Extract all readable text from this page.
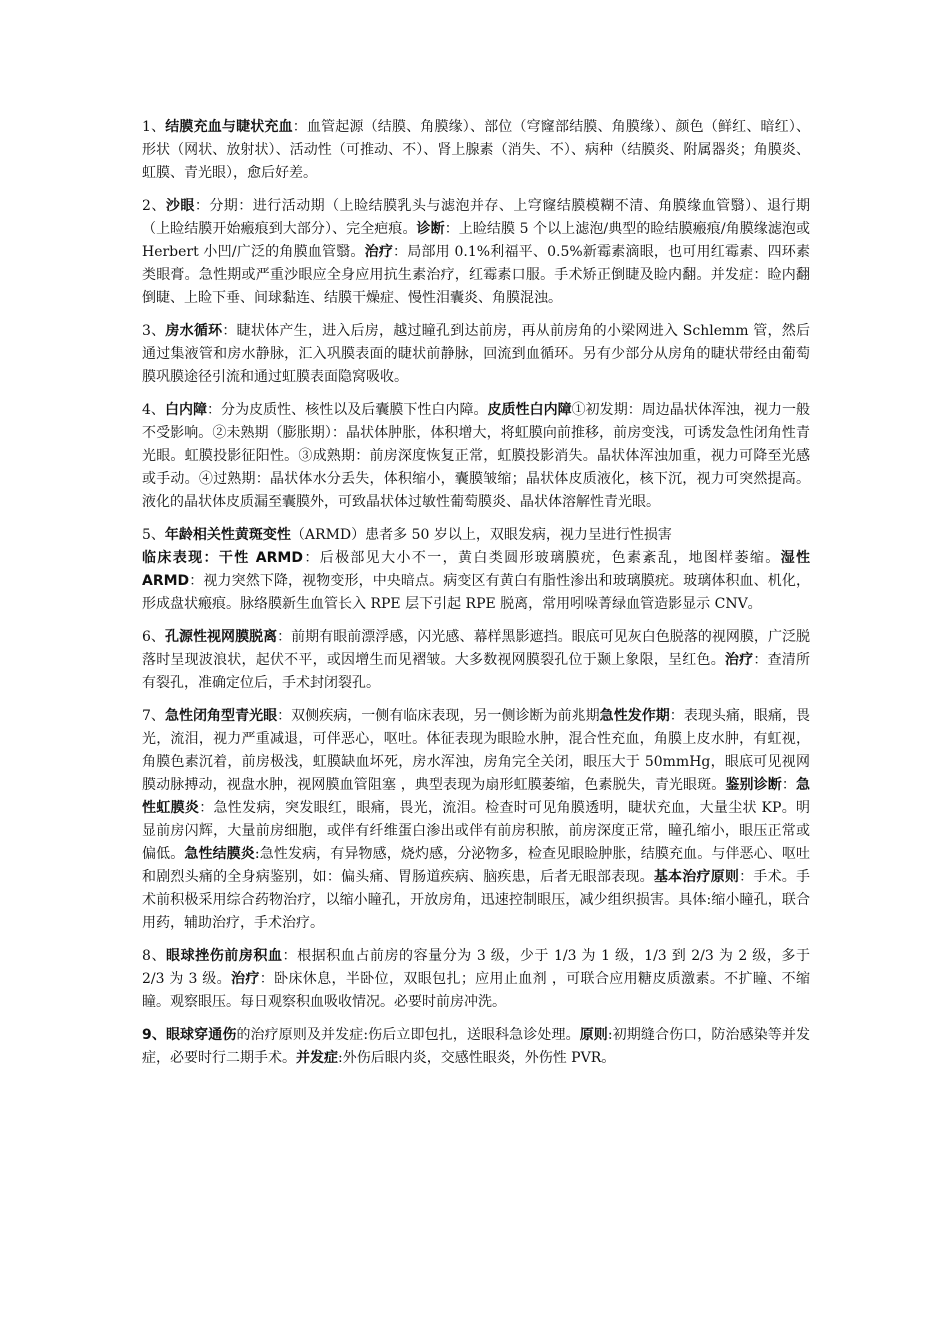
1、结膜充血与睫状充血：血管起源（结膜、角膜缘）、部位（穹窿部结膜、角膜缘）、颜色（鲜红、暗红）、形状（网状、放射状）、活动性（可推动、不）、肾上腺素（消失、不）、病种（结膜炎、附属器炎；角膜炎、虹膜、青光眼），愈后好差。

2、沙眼：分期：进行活动期（上睑结膜乳头与滤泡并存、上穹窿结膜模糊不清、角膜缘血管翳）、退行期（上睑结膜开始瘢痕到大部分）、完全疤痕。诊断：上睑结膜 5 个以上滤泡/典型的睑结膜瘢痕/角膜缘滤泡或 Herbert 小凹/广泛的角膜血管翳。治疗：局部用 0.1%利福平、0.5%新霉素滴眼，也可用红霉素、四环素类眼膏。急性期或严重沙眼应全身应用抗生素治疗，红霉素口服。手术矫正倒睫及睑内翻。并发症：睑内翻倒睫、上睑下垂、间球黏连、结膜干燥症、慢性泪囊炎、角膜混浊。

3、房水循环：睫状体产生，进入后房，越过瞳孔到达前房，再从前房角的小梁网进入 Schlemm 管，然后通过集液管和房水静脉，汇入巩膜表面的睫状前静脉，回流到血循环。另有少部分从房角的睫状带经由葡萄膜巩膜途径引流和通过虹膜表面隐窝吸收。

4、白内障：分为皮质性、核性以及后囊膜下性白内障。皮质性白内障①初发期：周边晶状体浑浊，视力一般不受影响。②未熟期（膨胀期）：晶状体肿胀，体积增大，将虹膜向前推移，前房变浅，可诱发急性闭角性青光眼。虹膜投影征阳性。③成熟期：前房深度恢复正常，虹膜投影消失。晶状体浑浊加重，视力可降至光感或手动。④过熟期：晶状体水分丢失，体积缩小，囊膜皱缩；晶状体皮质液化，核下沉，视力可突然提高。液化的晶状体皮质漏至囊膜外，可致晶状体过敏性葡萄膜炎、晶状体溶解性青光眼。

5、年龄相关性黄斑变性（ARMD）患者多 50 岁以上，双眼发病，视力呈进行性损害
临床表现：干性 ARMD：后极部见大小不一，黄白类圆形玻璃膜疣，色素紊乱，地图样萎缩。湿性 ARMD：视力突然下降，视物变形，中央暗点。病变区有黄白有脂性渗出和玻璃膜疣。玻璃体积血、机化，形成盘状瘢痕。脉络膜新生血管长入 RPE 层下引起 RPE 脱离，常用吲哚菁绿血管造影显示 CNV。

6、孔源性视网膜脱离：前期有眼前漂浮感，闪光感、幕样黑影遮挡。眼底可见灰白色脱落的视网膜，广泛脱落时呈现波浪状，起伏不平，或因增生而见褶皱。大多数视网膜裂孔位于颞上象限，呈红色。治疗：查清所有裂孔，准确定位后，手术封闭裂孔。

7、急性闭角型青光眼：双侧疾病，一侧有临床表现，另一侧诊断为前兆期急性发作期：表现头痛，眼痛，畏光，流泪，视力严重减退，可伴恶心，呕吐。体征表现为眼睑水肿，混合性充血，角膜上皮水肿，有虹视，角膜色素沉着，前房极浅，虹膜缺血坏死，房水浑浊，房角完全关闭，眼压大于 50mmHg，眼底可见视网膜动脉搏动，视盘水肿，视网膜血管阻塞 ，典型表现为扇形虹膜萎缩，色素脱失，青光眼斑。鉴别诊断：急性虹膜炎：急性发病，突发眼红，眼痛，畏光，流泪。检查时可见角膜透明，睫状充血，大量尘状 KP。明显前房闪辉，大量前房细胞，或伴有纤维蛋白渗出或伴有前房积脓，前房深度正常，瞳孔缩小，眼压正常或偏低。急性结膜炎:急性发病，有异物感，烧灼感，分泌物多，检查见眼睑肿胀，结膜充血。与伴恶心、呕吐和剧烈头痛的全身病鉴别，如：偏头痛、胃肠道疾病、脑疾患，后者无眼部表现。基本治疗原则：手术。手术前积极采用综合药物治疗，以缩小瞳孔，开放房角，迅速控制眼压，减少组织损害。具体:缩小瞳孔，联合用药，辅助治疗，手术治疗。

8、眼球挫伤前房积血：根据积血占前房的容量分为 3 级，少于 1/3 为 1 级，1/3 到 2/3 为 2 级，多于 2/3 为 3 级。治疗：卧床休息，半卧位，双眼包扎；应用止血剂 ，可联合应用糖皮质激素。不扩瞳、不缩瞳。观察眼压。每日观察积血吸收情况。必要时前房冲洗。

9、眼球穿通伤的治疗原则及并发症:伤后立即包扎，送眼科急诊处理。原则:初期缝合伤口，防治感染等并发症，必要时行二期手术。并发症:外伤后眼内炎，交感性眼炎，外伤性 PVR。
